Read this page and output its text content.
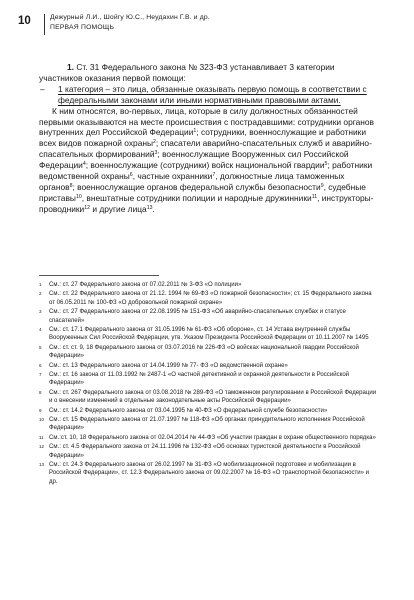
10	Дежурный Л.И., Шойгу Ю.С., Неудахин Г.В. и др.
ПЕРВАЯ ПОМОЩЬ

1. Ст. 31 Федерального закона № 323-ФЗ устанавливает 3 категории участников оказания первой помощи:

– 1 категория – это лица, обязанные оказывать первую помощь в соответствии с федеральными законами или иными нормативными правовыми актами.

К ним относятся, во-первых, лица, которые в силу должностных обязанностей первыми оказываются на месте происшествия с пострадавшими: сотрудники органов внутренних дел Российской Федерации$^1$; сотрудники, военнослужащие и работники всех видов пожарной охраны$^2$; спасатели аварийно-спасательных служб и аварийно-спасательных формирований$^3$; военнослужащие Вооруженных сил Российской Федерации$^4$; военнослужащие (сотрудники) войск национальной гвардии$^5$; работники ведомственной охраны$^6$, частные охранники$^7$, должностные лица таможенных органов$^8$; военнослужащие органов федеральной службы безопасности$^9$, судебные приставы$^{10}$, внештатные сотрудники полиции и народные дружинники$^{11}$, инструкторы-проводники$^{12}$ и другие лица$^{13}$.

1 См.: ст. 27 Федерального закона от 07.02.2011 № 3-ФЗ «О полиции»
2 См.: ст. 22 Федерального закона от 21.12. 1994 № 69-ФЗ «О пожарной безопасности»; ст. 15 Федерального закона от 06.05.2011 № 100-ФЗ «О добровольной пожарной охране»
3 См.: ст. 27 Федерального закона от 22.08.1995 № 151-ФЗ «Об аварийно-спасательных службах и статусе спасателей»
4 См.: ст. 17.1 Федерального закона от 31.05.1996 № 61-ФЗ «Об обороне», ст. 14 Устава внутренней службы Вооруженных Сил Российской Федерации, утв. Указом Президента Российской Федерации от 10.11.2007 № 1495
5 См.: ст. ст. 9, 18 Федерального закона от 03.07.2016 № 226-ФЗ «О войсках национальной гвардии Российской Федерации»
6 См.: ст. 13 Федерального закона от 14.04.1999 № 77- ФЗ «О ведомственной охране»
7 См.: ст. 16 закона от 11.03.1992 № 2487-1 «О частной детективной и охранной деятельности в Российской Федерации»
8 См.: ст. 267 Федерального закона от 03.08.2018 № 289-ФЗ «О таможенном регулировании в Российской Федерации и о внесении изменений в отдельные законодательные акты Российской Федерации»
9 См.: ст. 14.2 Федерального закона от 03.04.1995 № 40-ФЗ «О федеральной службе безопасности»
10 См.: ст. 15 Федерального закона от 21.07.1997 № 118-ФЗ «Об органах принудительного исполнения Российской Федерации»
11 См.:ст. 10, 18 Федерального закона от 02.04.2014 № 44-ФЗ «Об участии граждан в охране общественного порядка»
12 См.: ст. 4.5 Федерального закона от 24.11.1996 № 132-ФЗ «Об основах туристской деятельности в Российской Федерации»
13 См.: ст. 24.3 Федерального закона от 26.02.1997 № 31-ФЗ «О мобилизационной подготовке и мобилизации в Российской Федерации», ст. 12.3 Федерального закона от 09.02.2007 № 16-ФЗ «О транспортной безопасности» и др.
